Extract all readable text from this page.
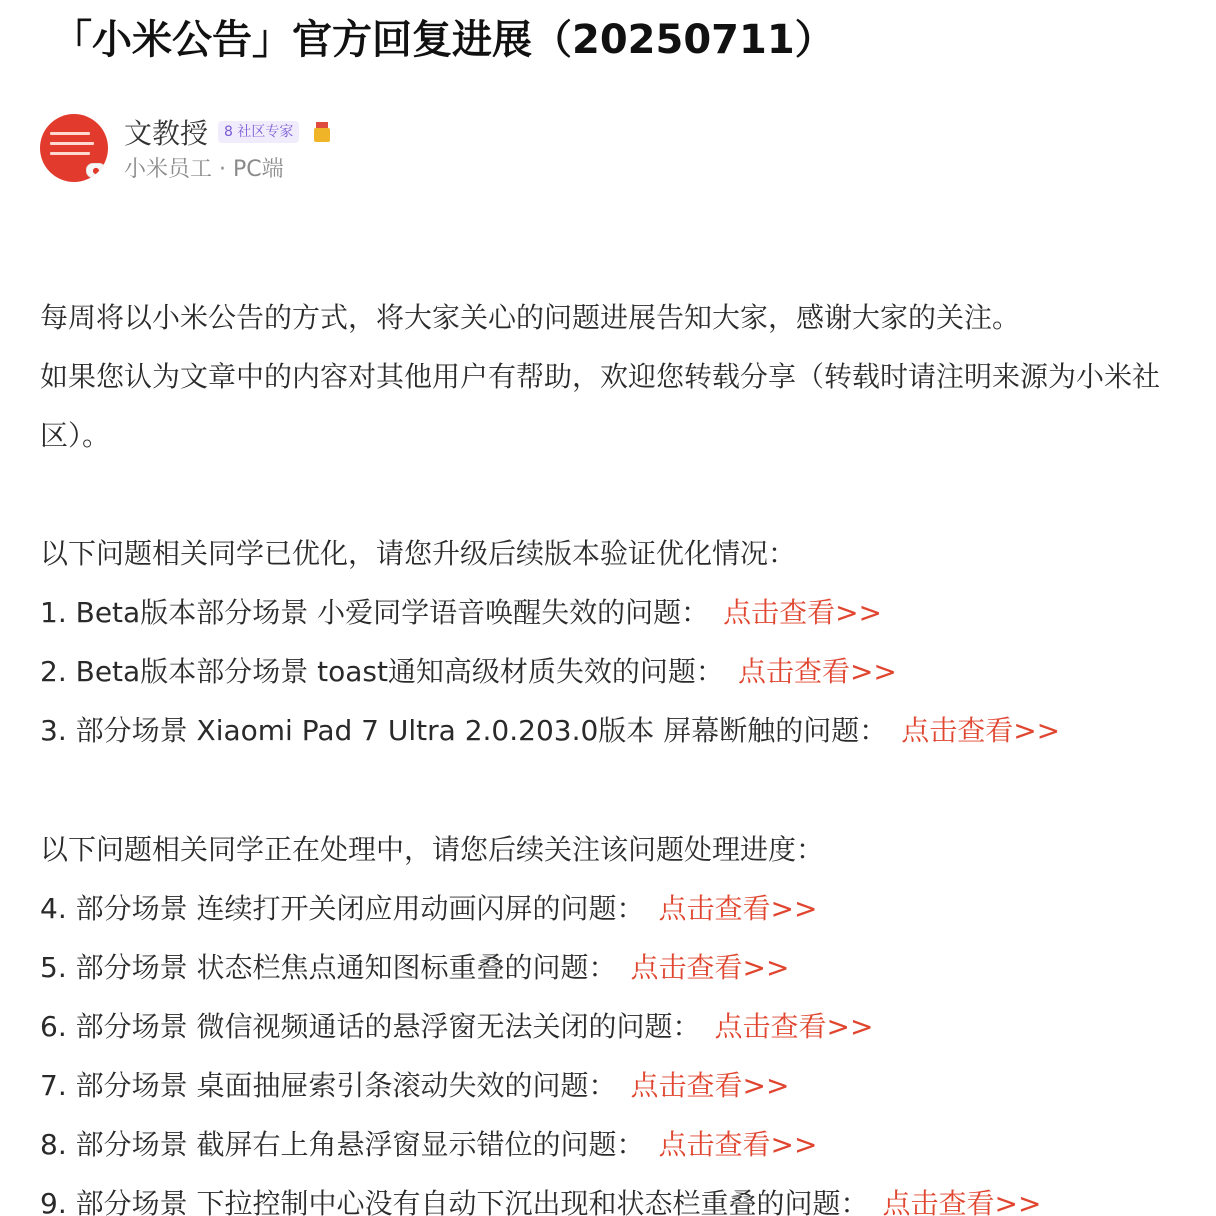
「小米公告」官方回复进展（20250711）
●
文教授	8 社区专家
小米员工 · PC端
每周将以小米公告的方式，将大家关心的问题进展告知大家，感谢大家的关注。
如果您认为文章中的内容对其他用户有帮助，欢迎您转载分享（转载时请注明来源为小米社
区）。
以下问题相关同学已优化，请您升级后续版本验证优化情况：
1. Beta版本部分场景 小爱同学语音唤醒失效的问题： 点击查看>>
2. Beta版本部分场景 toast通知高级材质失效的问题： 点击查看>>
3. 部分场景 Xiaomi Pad 7 Ultra 2.0.203.0版本 屏幕断触的问题： 点击查看>>
以下问题相关同学正在处理中，请您后续关注该问题处理进度：
4. 部分场景 连续打开关闭应用动画闪屏的问题： 点击查看>>
5. 部分场景 状态栏焦点通知图标重叠的问题： 点击查看>>
6. 部分场景 微信视频通话的悬浮窗无法关闭的问题： 点击查看>>
7. 部分场景 桌面抽屉索引条滚动失效的问题： 点击查看>>
8. 部分场景 截屏右上角悬浮窗显示错位的问题： 点击查看>>
9. 部分场景 下拉控制中心没有自动下沉出现和状态栏重叠的问题： 点击查看>>
